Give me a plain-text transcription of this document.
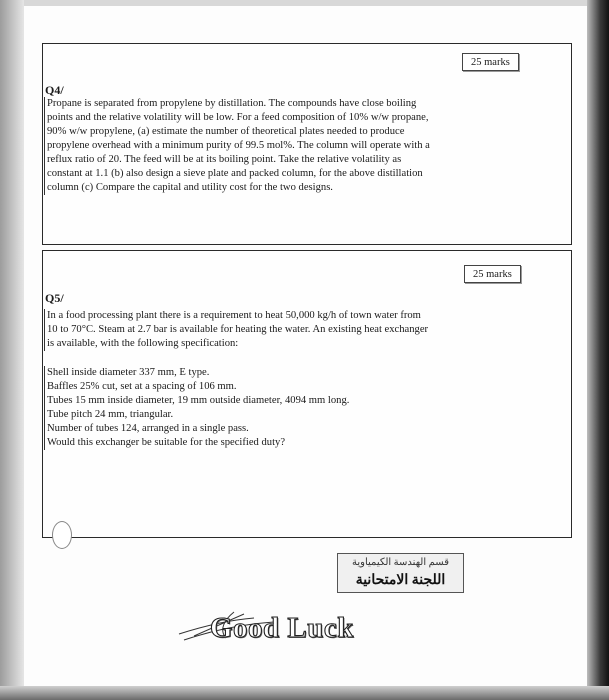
25 marks
Q4/
Propane is separated from propylene by distillation. The compounds have close boiling
points and the relative volatility will be low. For a feed composition of 10% w/w propane,
90% w/w propylene, (a) estimate the number of theoretical plates needed to produce
propylene overhead with a minimum purity of 99.5 mol%. The column will operate with a
reflux ratio of 20. The feed will be at its boiling point. Take the relative volatility as
constant at 1.1 (b) also design a sieve plate and packed column, for the above distillation
column (c) Compare the capital and utility cost for the two designs.
25 marks
Q5/
In a food processing plant there is a requirement to heat 50,000 kg/h of town water from
10 to 70°C. Steam at 2.7 bar is available for heating the water. An existing heat exchanger
is available, with the following specification:
Shell inside diameter 337 mm, E type.
Baffles 25% cut, set at a spacing of 106 mm.
Tubes 15 mm inside diameter, 19 mm outside diameter, 4094 mm long.
Tube pitch 24 mm, triangular.
Number of tubes 124, arranged in a single pass.
Would this exchanger be suitable for the specified duty?
قسم الهندسة الكيمياوية
اللجنة الامتحانية
Good Luck
